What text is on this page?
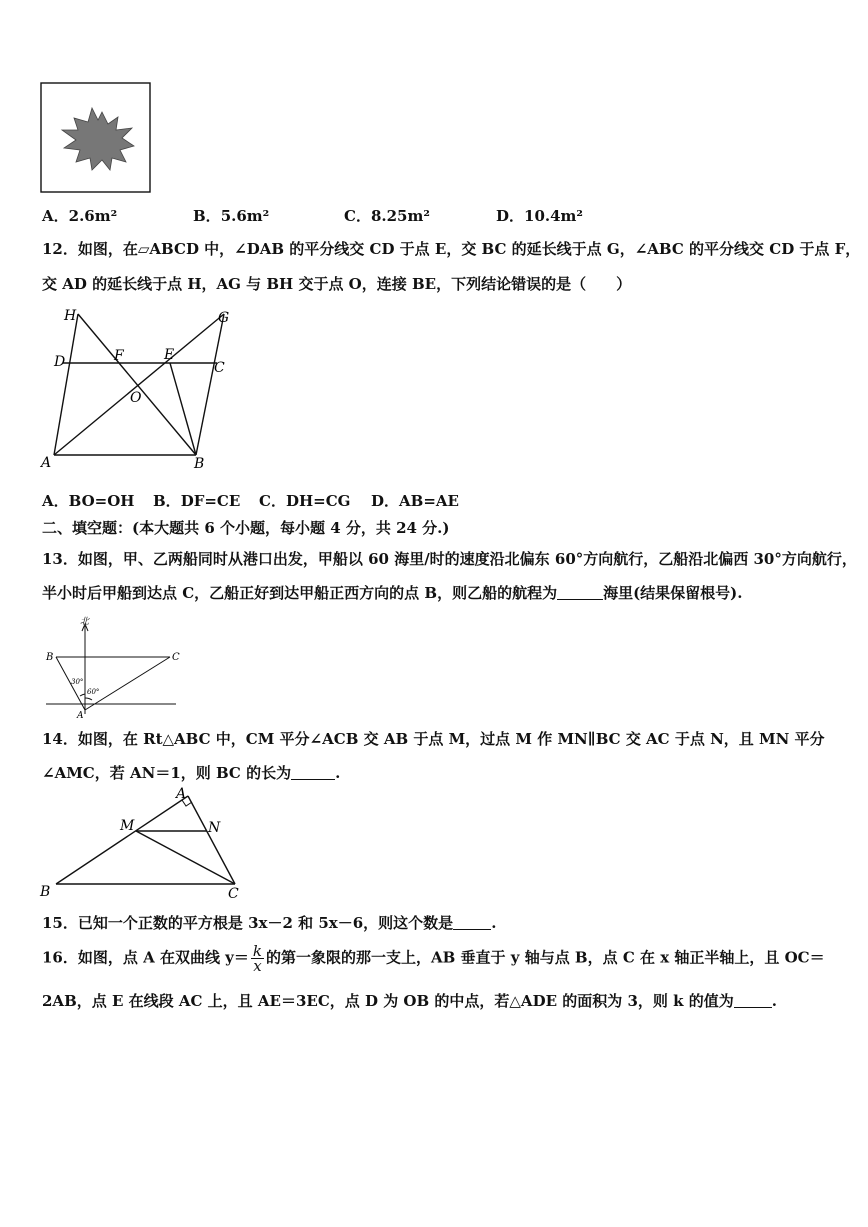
A．2.6m²	B．5.6m²	C．8.25m²	D．10.4m²
12．如图，在▱ABCD 中，∠DAB 的平分线交 CD 于点 E，交 BC 的延长线于点 G，∠ABC 的平分线交 CD 于点 F，
交 AD 的延长线于点 H，AG 与 BH 交于点 O，连接 BE，下列结论错误的是（　　）
H	G
D	F	E
C
O
A	B
A．BO=OH B．DF=CE C．DH=CG D．AB=AE
二、填空题：(本大题共 6 个小题，每小题 4 分，共 24 分.)
13．如图，甲、乙两船同时从港口出发，甲船以 60 海里/时的速度沿北偏东 60°方向航行，乙船沿北偏西 30°方向航行，
半小时后甲船到达点 C，乙船正好到达甲船正西方向的点 B，则乙船的航程为	海里(结果保留根号).
北
B	C
A
30°
60°
14．如图，在 Rt△ABC 中，CM 平分∠ACB 交 AB 于点 M，过点 M 作 MN∥BC 交 AC 于点 N，且 MN 平分
∠AMC，若 AN＝1，则 BC 的长为	.
A
M	N
B	C
15．已知一个正数的平方根是 3x－2 和 5x－6，则这个数是	.
16．如图，点 A 在双曲线 $y= \frac{k}{x}$ 的第一象限的那一支上，AB 垂直于 y 轴与点 B，点 C 在 x 轴正半轴上，且 OC＝
2AB，点 E 在线段 AC 上，且 AE＝3EC，点 D 为 OB 的中点，若△ADE 的面积为 3，则 k 的值为	.
